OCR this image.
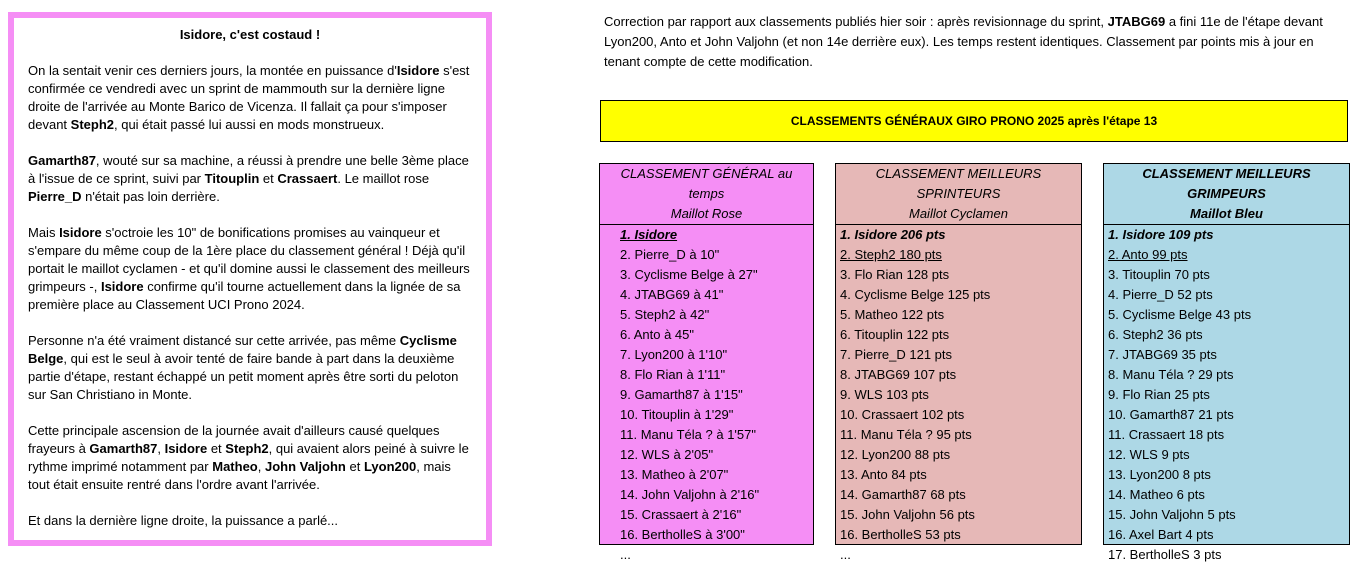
Isidore, c'est costaud !

On la sentait venir ces derniers jours, la montée en puissance d'Isidore s'est confirmée ce vendredi avec un sprint de mammouth sur la dernière ligne droite de l'arrivée au Monte Barico de Vicenza. Il fallait ça pour s'imposer devant Steph2, qui était passé lui aussi en mods monstrueux.

Gamarth87, wouté sur sa machine, a réussi à prendre une belle 3ème place à l'issue de ce sprint, suivi par Titouplin et Crassaert. Le maillot rose Pierre_D n'était pas loin derrière.

Mais Isidore s'octroie les 10" de bonifications promises au vainqueur et s'empare du même coup de la 1ère place du classement général ! Déjà qu'il portait le maillot cyclamen - et qu'il domine aussi le classement des meilleurs grimpeurs -, Isidore confirme qu'il tourne actuellement dans la lignée de sa première place au Classement UCI Prono 2024.

Personne n'a été vraiment distancé sur cette arrivée, pas même Cyclisme Belge, qui est le seul à avoir tenté de faire bande à part dans la deuxième partie d'étape, restant échappé un petit moment après être sorti du peloton sur San Christiano in Monte.

Cette principale ascension de la journée avait d'ailleurs causé quelques frayeurs à Gamarth87, Isidore et Steph2, qui avaient alors peiné à suivre le rythme imprimé notamment par Matheo, John Valjohn et Lyon200, mais tout était ensuite rentré dans l'ordre avant l'arrivée.

Et dans la dernière ligne droite, la puissance a parlé...

Correction par rapport aux classements publiés hier soir : après revisionnage du sprint, JTABG69 a fini 11e de l'étape devant Lyon200, Anto et John Valjohn (et non 14e derrière eux). Les temps restent identiques. Classement par points mis à jour en tenant compte de cette modification.
CLASSEMENTS GÉNÉRAUX GIRO PRONO 2025 après l'étape 13
CLASSEMENT GÉNÉRAL au temps
Maillot Rose
1. Isidore
2. Pierre_D à 10"
3. Cyclisme Belge à 27"
4. JTABG69 à 41"
5. Steph2 à 42"
6. Anto à 45"
7. Lyon200 à 1'10"
8. Flo Rian à 1'11"
9. Gamarth87 à 1'15"
10. Titouplin à 1'29"
11. Manu Téla ? à 1'57"
12. WLS à 2'05"
13. Matheo à 2'07"
14. John Valjohn à 2'16"
15. Crassaert à 2'16"
16. BertholleS à 3'00"
...
CLASSEMENT MEILLEURS SPRINTEURS
Maillot Cyclamen
1. Isidore 206 pts
2. Steph2 180 pts
3. Flo Rian 128 pts
4. Cyclisme Belge 125 pts
5. Matheo 122 pts
6. Titouplin 122 pts
7. Pierre_D 121 pts
8. JTABG69 107 pts
9. WLS 103 pts
10. Crassaert 102 pts
11. Manu Téla ? 95 pts
12. Lyon200 88 pts
13. Anto 84 pts
14. Gamarth87 68 pts
15. John Valjohn 56 pts
16. BertholleS 53 pts
...
CLASSEMENT MEILLEURS GRIMPEURS
Maillot Bleu
1. Isidore 109 pts
2. Anto 99 pts
3. Titouplin 70 pts
4. Pierre_D 52 pts
5. Cyclisme Belge 43 pts
6. Steph2 36 pts
7. JTABG69 35 pts
8. Manu Téla ? 29 pts
9. Flo Rian 25 pts
10. Gamarth87 21 pts
11. Crassaert 18 pts
12. WLS 9 pts
13. Lyon200 8 pts
14. Matheo 6 pts
15. John Valjohn 5 pts
16. Axel Bart 4 pts
17. BertholleS 3 pts
